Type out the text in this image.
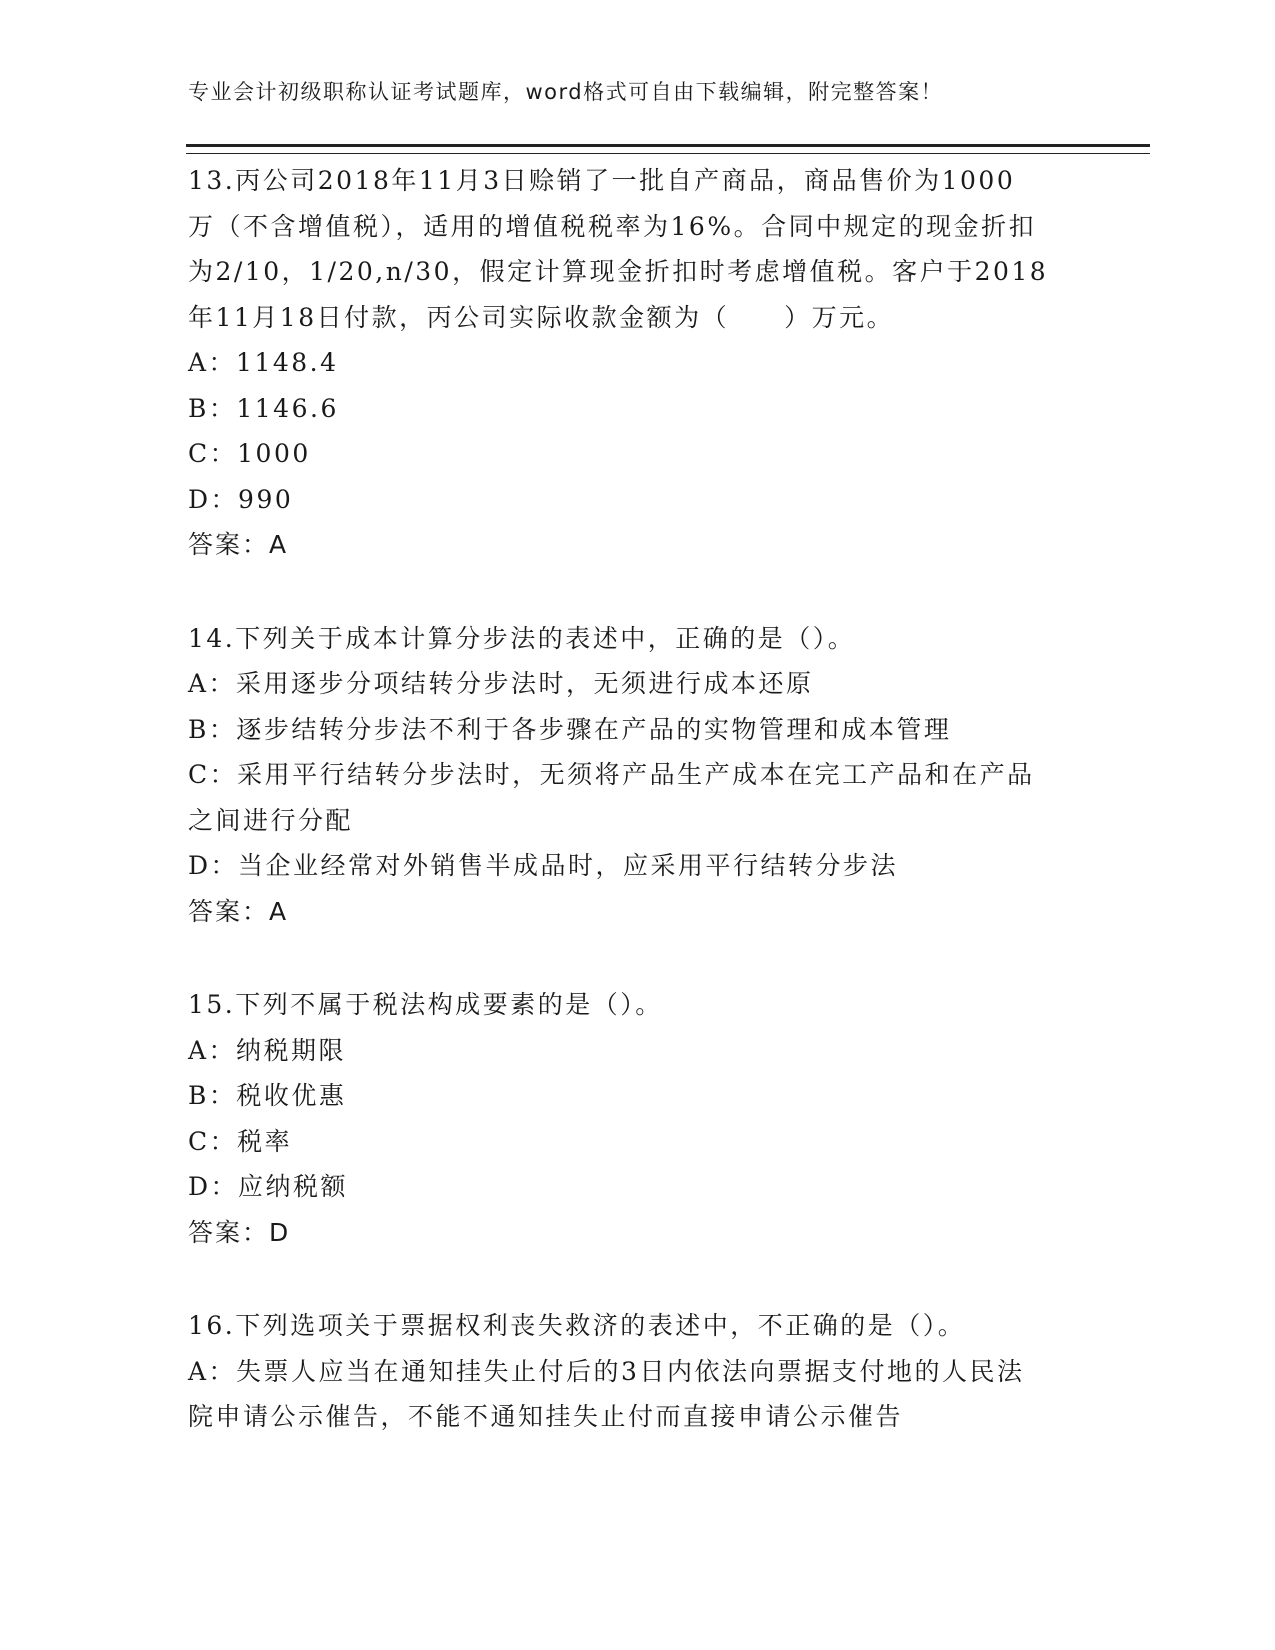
专业会计初级职称认证考试题库，word格式可自由下载编辑，附完整答案！
13.丙公司2018年11月3日赊销了一批自产商品，商品售价为1000
万（不含增值税），适用的增值税税率为16%。合同中规定的现金折扣
为2/10，1/20,n/30，假定计算现金折扣时考虑增值税。客户于2018
年11月18日付款，丙公司实际收款金额为（　　）万元。
A：1148.4
B：1146.6
C：1000
D：990
答案：A
14.下列关于成本计算分步法的表述中，正确的是（）。
A：采用逐步分项结转分步法时，无须进行成本还原
B：逐步结转分步法不利于各步骤在产品的实物管理和成本管理
C：采用平行结转分步法时，无须将产品生产成本在完工产品和在产品
之间进行分配
D：当企业经常对外销售半成品时，应采用平行结转分步法
答案：A
15.下列不属于税法构成要素的是（）。
A：纳税期限
B：税收优惠
C：税率
D：应纳税额
答案：D
16.下列选项关于票据权利丧失救济的表述中，不正确的是（）。
A：失票人应当在通知挂失止付后的3日内依法向票据支付地的人民法
院申请公示催告，不能不通知挂失止付而直接申请公示催告
